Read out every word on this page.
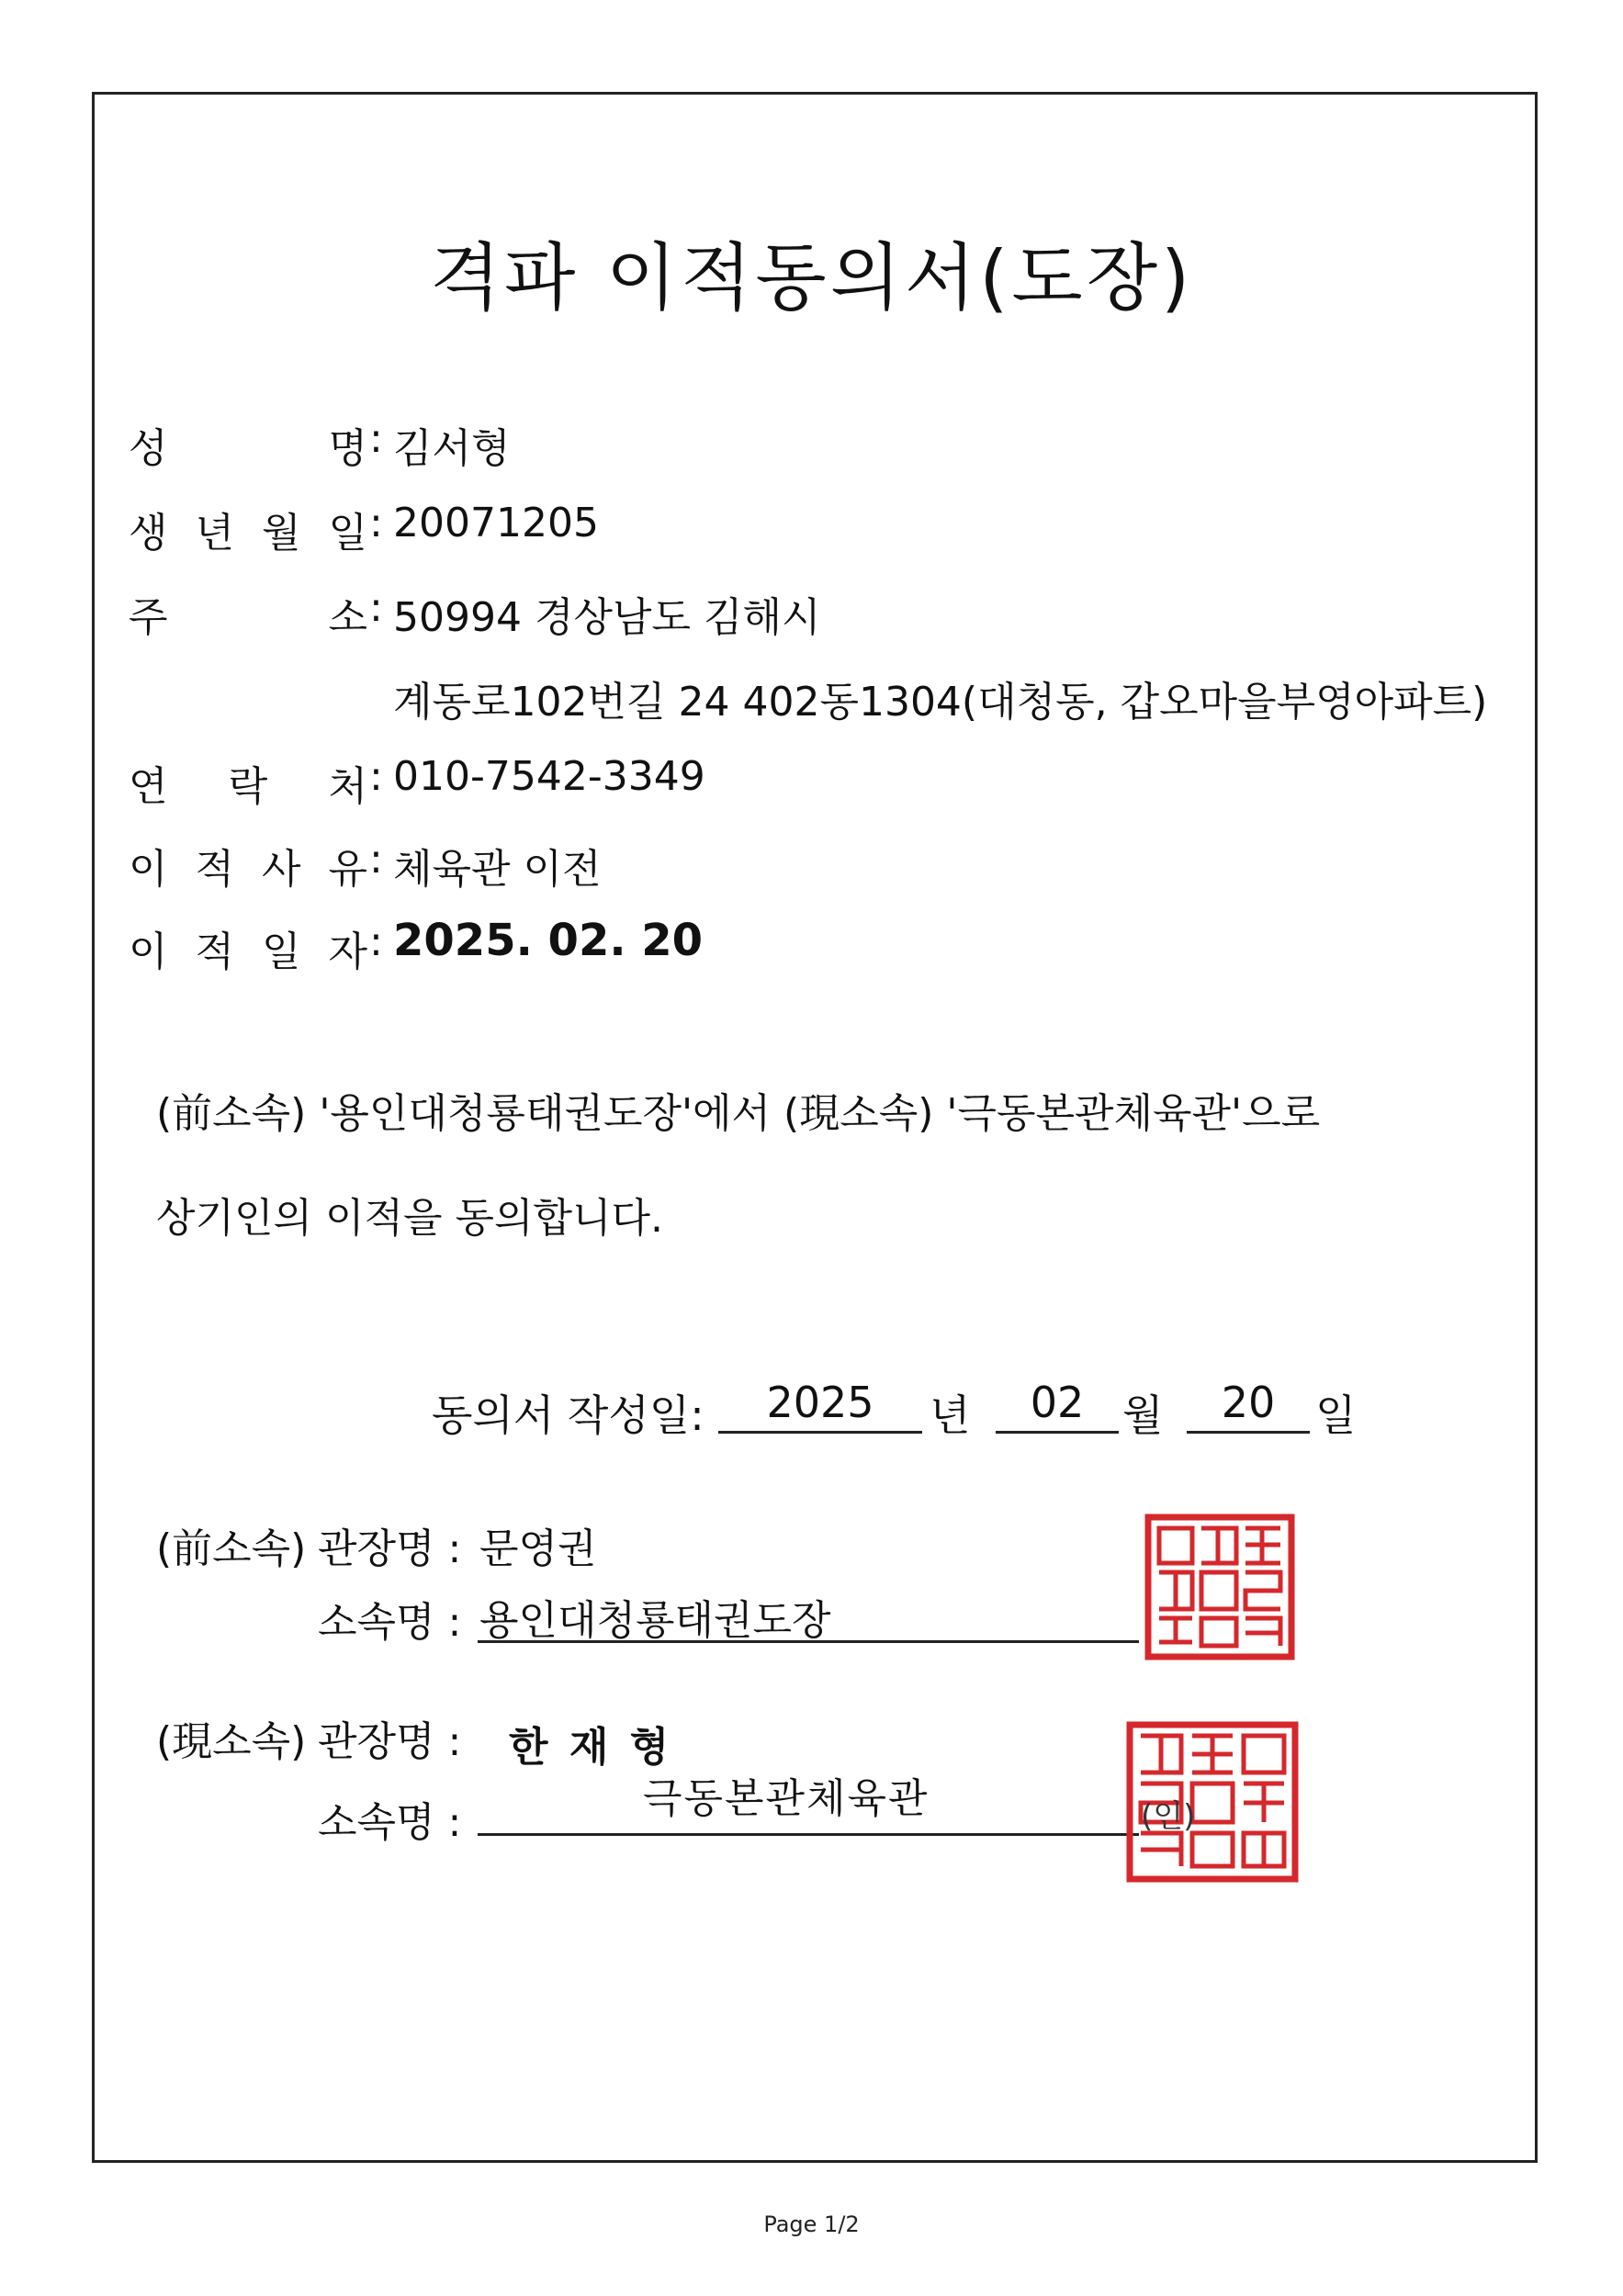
격파 이적동의서(도장)
성	명 : 김서형
생 년 월 일 : 20071205
주	소 : 50994 경상남도 김해시
계동로102번길 24 402동1304(대청동, 갑오마을부영아파트)
연 락 처 : 010-7542-3349
이 적 사 유 : 체육관 이전
이 적 일 자 : 2025. 02. 20
(前소속) '용인대청룡태권도장'에서 (現소속) '극동본관체육관'으로
상기인의 이적을 동의합니다.
동의서 작성일:	2025	년	02 월	20 일
(前소속) 관장명 : 문영권
소속명 : 용인대청룡태권도장
(現소속) 관장명 : 한 재 형
소속명 :
극동본관체육관	(인)
Page 1/2
